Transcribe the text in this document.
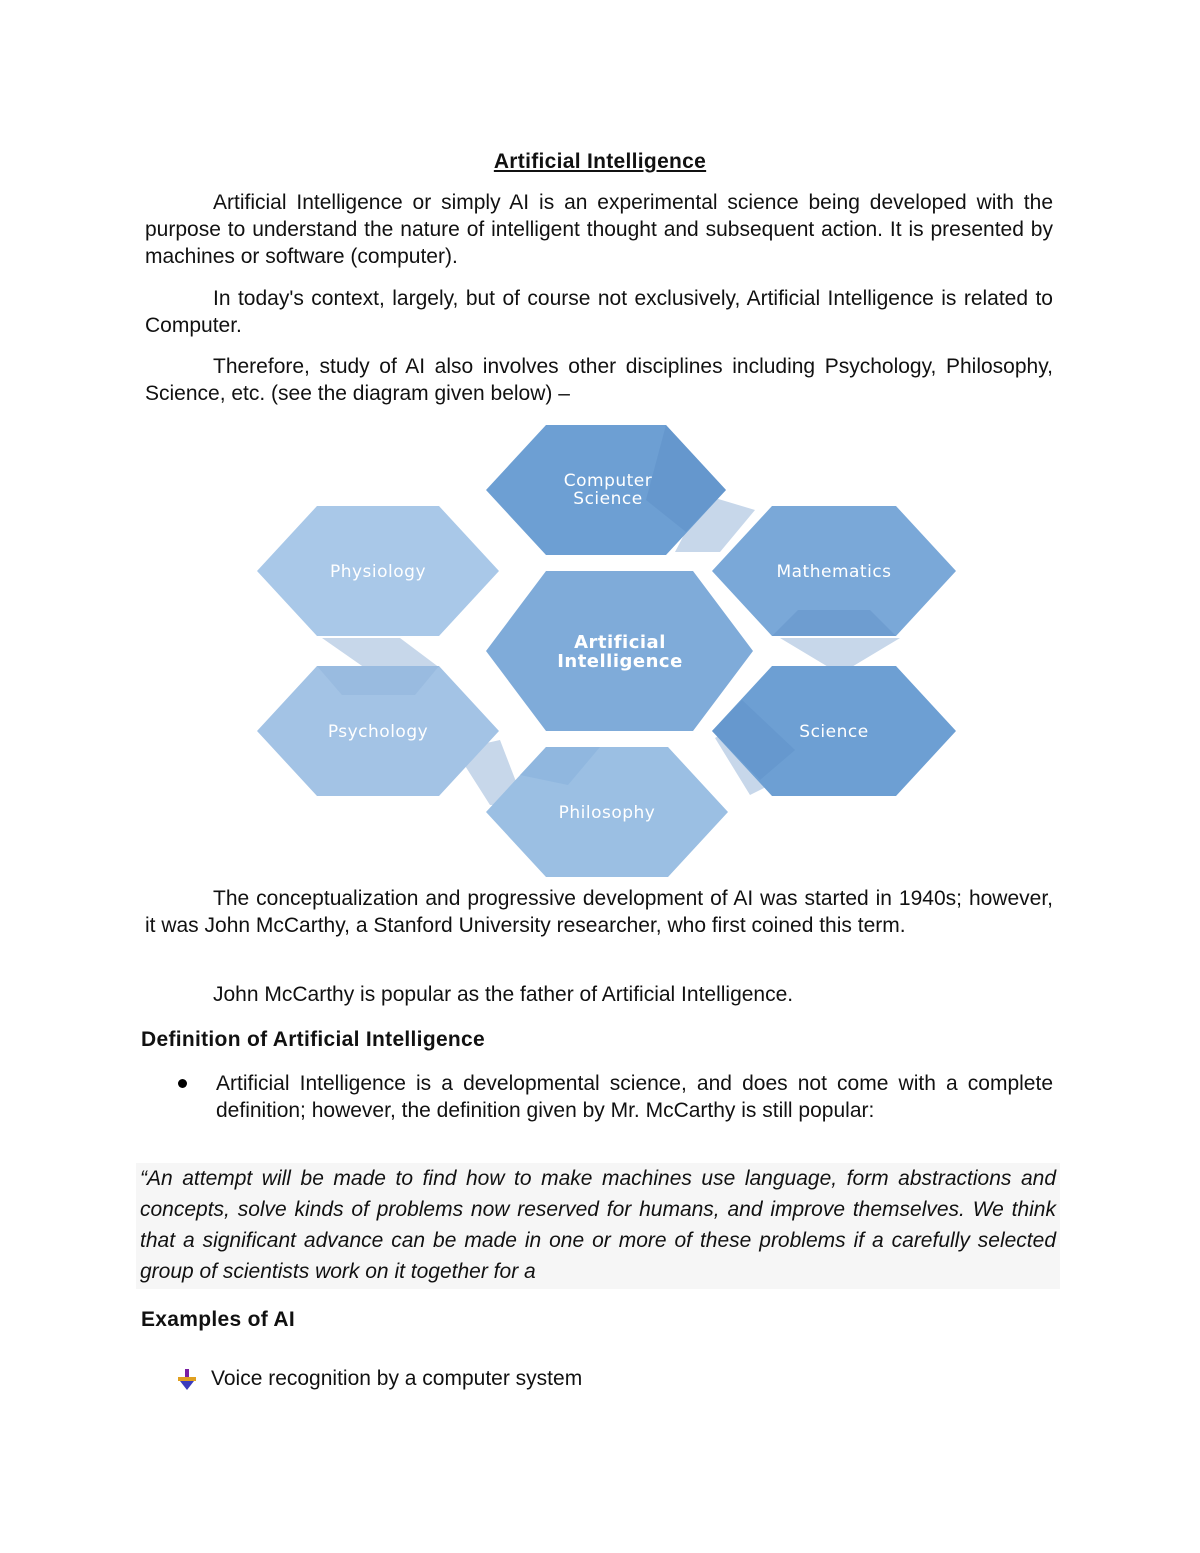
Artificial Intelligence

Artificial Intelligence or simply AI is an experimental science being developed with the purpose to understand the nature of intelligent thought and subsequent action. It is presented by machines or software (computer).

In today's context, largely, but of course not exclusively, Artificial Intelligence is related to Computer.

Therefore, study of AI also involves other disciplines including Psychology, Philosophy, Science, etc. (see the diagram given below) –

Computer
Science
Mathematics
Physiology
Artificial
Intelligence
Psychology	Science
Philosophy

The conceptualization and progressive development of AI was started in 1940s; however, it was John McCarthy, a Stanford University researcher, who first coined this term.

John McCarthy is popular as the father of Artificial Intelligence.

Definition of Artificial Intelligence

Artificial Intelligence is a developmental science, and does not come with a complete definition; however, the definition given by Mr. McCarthy is still popular:

“An attempt will be made to find how to make machines use language, form abstractions and concepts, solve kinds of problems now reserved for humans, and improve themselves. We think that a significant advance can be made in one or more of these problems if a carefully selected group of scientists work on it together for a

Examples of AI

Voice recognition by a computer system
